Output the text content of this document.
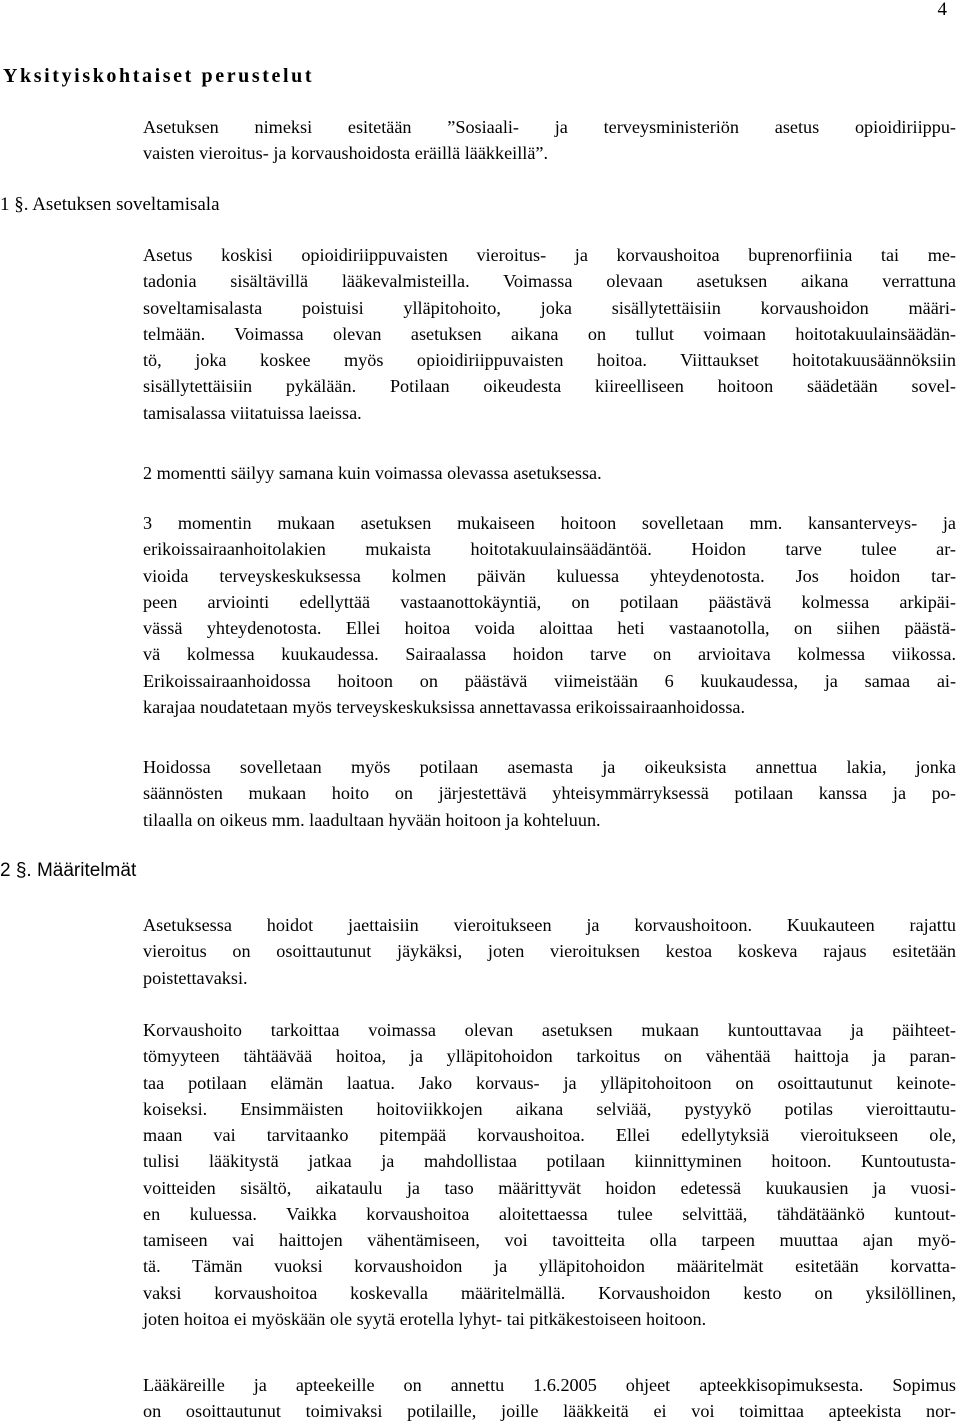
4
Yksityiskohtaiset perustelut
1 §. Asetuksen soveltamisala
2 §. Määritelmät

Asetuksen nimeksi esitetään ”Sosiaali- ja terveysministeriön asetus opioidiriippu-
vaisten vieroitus- ja korvaushoidosta eräillä lääkkeillä”.

Asetus koskisi opioidiriippuvaisten vieroitus- ja korvaushoitoa buprenorfiinia tai me-
tadonia sisältävillä lääkevalmisteilla. Voimassa olevaan asetuksen aikana verrattuna
soveltamisalasta poistuisi ylläpitohoito, joka sisällytettäisiin korvaushoidon määri-
telmään. Voimassa olevan asetuksen aikana on tullut voimaan hoitotakuulainsäädän-
tö, joka koskee myös opioidiriippuvaisten hoitoa. Viittaukset hoitotakuusäännöksiin
sisällytettäisiin pykälään. Potilaan oikeudesta kiireelliseen hoitoon säädetään sovel-
tamisalassa viitatuissa laeissa.

2 momentti säilyy samana kuin voimassa olevassa asetuksessa.

3 momentin mukaan asetuksen mukaiseen hoitoon sovelletaan mm. kansanterveys- ja
erikoissairaanhoitolakien mukaista hoitotakuulainsäädäntöä. Hoidon tarve tulee ar-
vioida terveyskeskuksessa kolmen päivän kuluessa yhteydenotosta. Jos hoidon tar-
peen arviointi edellyttää vastaanottokäyntiä, on potilaan päästävä kolmessa arkipäi-
vässä yhteydenotosta. Ellei hoitoa voida aloittaa heti vastaanotolla, on siihen päästä-
vä kolmessa kuukaudessa. Sairaalassa hoidon tarve on arvioitava kolmessa viikossa.
Erikoissairaanhoidossa hoitoon on päästävä viimeistään 6 kuukaudessa, ja samaa ai-
karajaa noudatetaan myös terveyskeskuksissa annettavassa erikoissairaanhoidossa.

Hoidossa sovelletaan myös potilaan asemasta ja oikeuksista annettua lakia, jonka
säännösten mukaan hoito on järjestettävä yhteisymmärryksessä potilaan kanssa ja po-
tilaalla on oikeus mm. laadultaan hyvään hoitoon ja kohteluun.

Asetuksessa hoidot jaettaisiin vieroitukseen ja korvaushoitoon. Kuukauteen rajattu
vieroitus on osoittautunut jäykäksi, joten vieroituksen kestoa koskeva rajaus esitetään
poistettavaksi.

Korvaushoito tarkoittaa voimassa olevan asetuksen mukaan kuntouttavaa ja päihteet-
tömyyteen tähtäävää hoitoa, ja ylläpitohoidon tarkoitus on vähentää haittoja ja paran-
taa potilaan elämän laatua. Jako korvaus- ja ylläpitohoitoon on osoittautunut keinote-
koiseksi. Ensimmäisten hoitoviikkojen aikana selviää, pystyykö potilas vieroittautu-
maan vai tarvitaanko pitempää korvaushoitoa. Ellei edellytyksiä vieroitukseen ole,
tulisi lääkitystä jatkaa ja mahdollistaa potilaan kiinnittyminen hoitoon. Kuntoutusta-
voitteiden sisältö, aikataulu ja taso määrittyvät hoidon edetessä kuukausien ja vuosi-
en kuluessa. Vaikka korvaushoitoa aloitettaessa tulee selvittää, tähdätäänkö kuntout-
tamiseen vai haittojen vähentämiseen, voi tavoitteita olla tarpeen muuttaa ajan myö-
tä. Tämän vuoksi korvaushoidon ja ylläpitohoidon määritelmät esitetään korvatta-
vaksi korvaushoitoa koskevalla määritelmällä. Korvaushoidon kesto on yksilöllinen,
joten hoitoa ei myöskään ole syytä erotella lyhyt- tai pitkäkestoiseen hoitoon.

Lääkäreille ja apteekeille on annettu 1.6.2005 ohjeet apteekkisopimuksesta. Sopimus
on osoittautunut toimivaksi potilaille, joille lääkkeitä ei voi toimittaa apteekista nor-
